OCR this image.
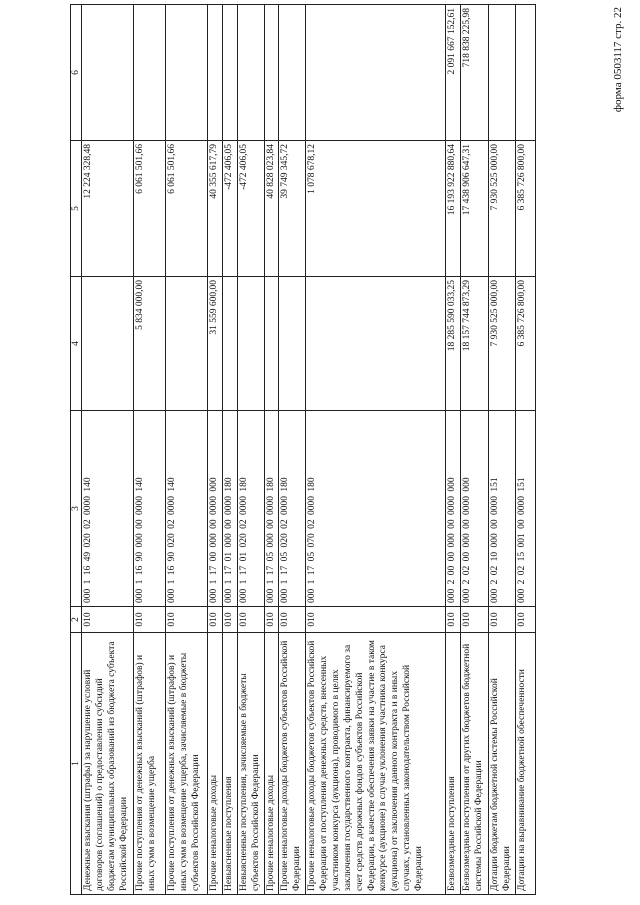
форма 0503117 стр. 22
1	2	3	4	5	6
Денежные взыскания (штрафы) за нарушение условий договоров (соглашений) о предоставлении субсидий бюджетам муниципальных образований из бюджета субъекта Российской Федерации	010	000 1 16 49 020 02 0000 140		12 224 328,48	
Прочие поступления от денежных взысканий (штрафов) и иных сумм в возмещение ущерба	010	000 1 16 90 000 00 0000 140	5 834 000,00	6 061 501,66	
Прочие поступления от денежных взысканий (штрафов) и иных сумм в возмещение ущерба, зачисляемые в бюджеты субъектов Российской Федерации	010	000 1 16 90 020 02 0000 140		6 061 501,66	
Прочие неналоговые доходы	010	000 1 17 00 000 00 0000 000	31 559 600,00	40 355 617,79	
Невыясненные поступления	010	000 1 17 01 000 00 0000 180		-472 406,05	
Невыясненные поступления, зачисляемые в бюджеты субъектов Российской Федерации	010	000 1 17 01 020 02 0000 180		-472 406,05	
Прочие неналоговые доходы	010	000 1 17 05 000 00 0000 180		40 828 023,84	
Прочие неналоговые доходы бюджетов субъектов Российской Федерации	010	000 1 17 05 020 02 0000 180		39 749 345,72	
Прочие неналоговые доходы бюджетов субъектов Российской Федерации от поступления денежных средств, внесенных участником конкурса (аукциона), проводимого в целях заключения государственного контракта, финансируемого за счет средств дорожных фондов субъектов Российской Федерации, в качестве обеспечения заявки на участие в таком конкурсе (аукционе) в случае уклонения участника конкурса (аукциона) от заключения данного контракта и в иных случаях, установленных законодательством Российской Федерации	010	000 1 17 05 070 02 0000 180		1 078 678,12	
Безвозмездные поступления	010	000 2 00 00 000 00 0000 000	18 285 590 033,25	16 193 922 880,64	2 091 667 152,61
Безвозмездные поступления от других бюджетов бюджетной системы Российской Федерации	010	000 2 02 00 000 00 0000 000	18 157 744 873,29	17 438 906 647,31	718 838 225,98
Дотации бюджетам бюджетной системы Российской Федерации	010	000 2 02 10 000 00 0000 151	7 930 525 000,00	7 930 525 000,00	
Дотации на выравнивание бюджетной обеспеченности	010	000 2 02 15 001 00 0000 151	6 385 726 800,00	6 385 726 800,00	
